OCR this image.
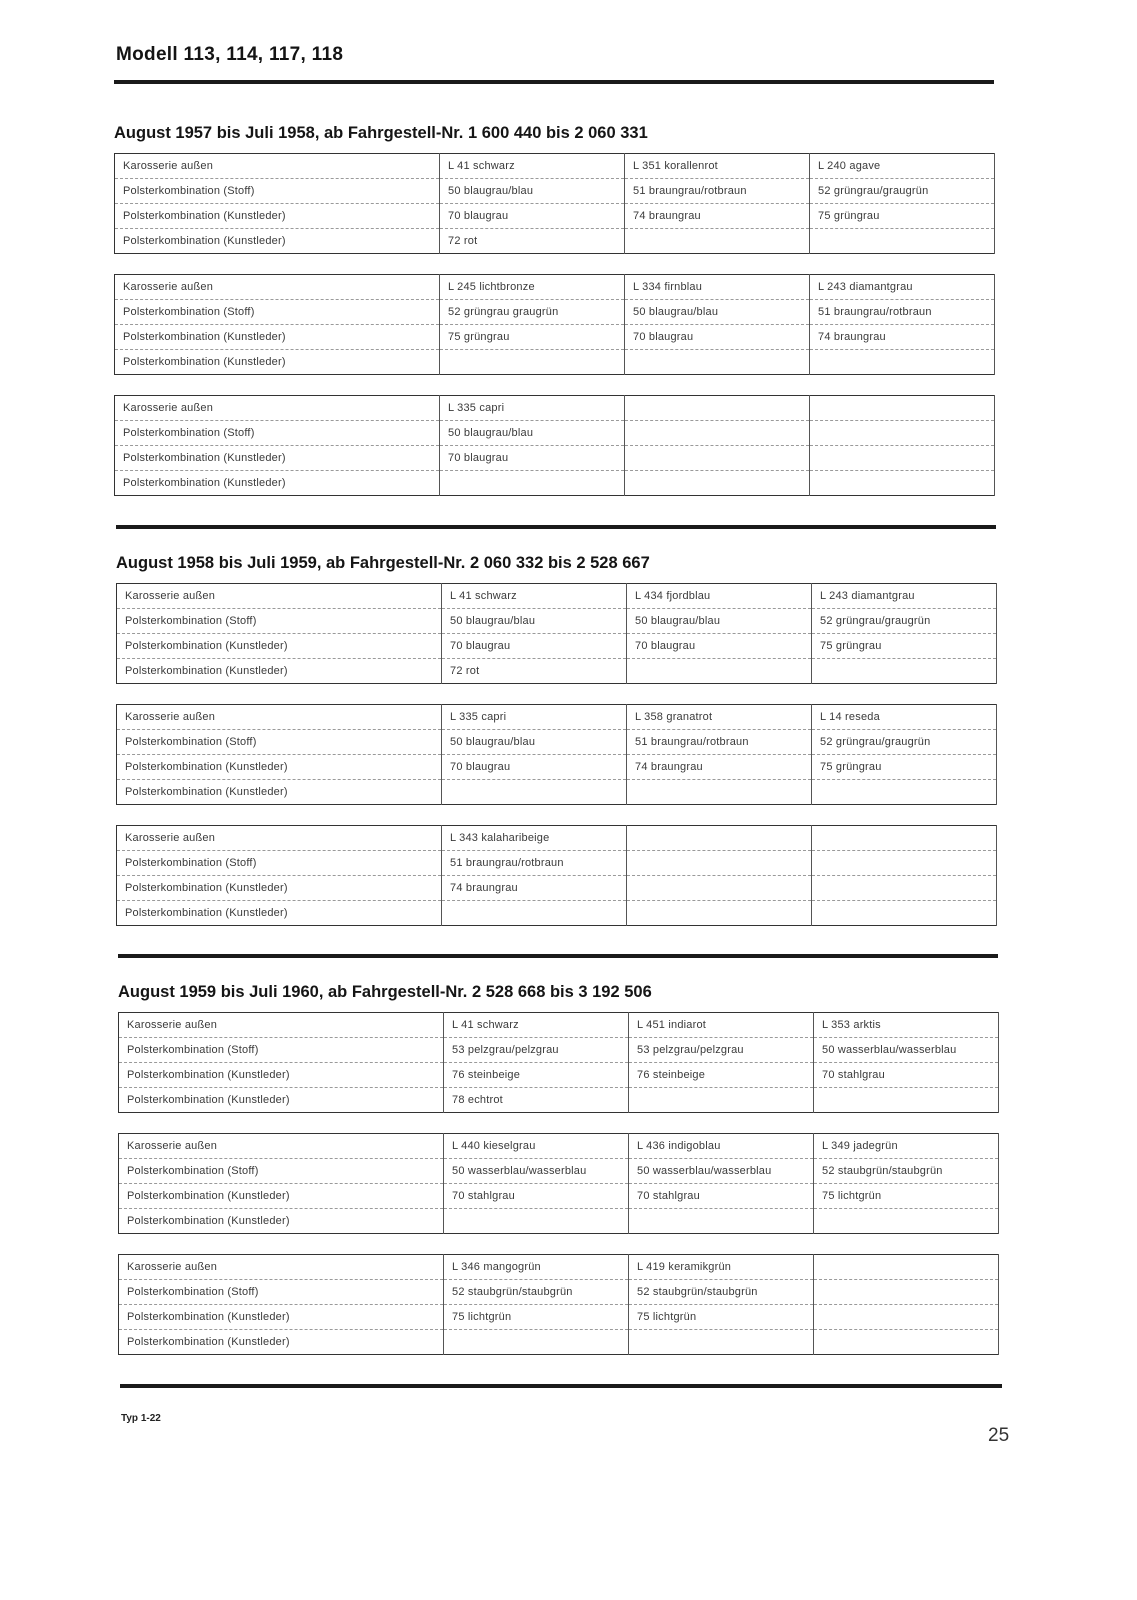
Modell 113, 114, 117, 118
August 1957 bis Juli 1958, ab Fahrgestell-Nr. 1 600 440 bis 2 060 331
Karosserie außen	L 41 schwarz	L 351 korallenrot	L 240 agave
Polsterkombination (Stoff)	50 blaugrau/blau	51 braungrau/rotbraun	52 grüngrau/graugrün
Polsterkombination (Kunstleder)	70 blaugrau	74 braungrau	75 grüngrau
Polsterkombination (Kunstleder)	72 rot		
Karosserie außen	L 245 lichtbronze	L 334 firnblau	L 243 diamantgrau
Polsterkombination (Stoff)	52 grüngrau graugrün	50 blaugrau/blau	51 braungrau/rotbraun
Polsterkombination (Kunstleder)	75 grüngrau	70 blaugrau	74 braungrau
Polsterkombination (Kunstleder)			
Karosserie außen	L 335 capri		
Polsterkombination (Stoff)	50 blaugrau/blau		
Polsterkombination (Kunstleder)	70 blaugrau		
Polsterkombination (Kunstleder)			
August 1958 bis Juli 1959, ab Fahrgestell-Nr. 2 060 332 bis 2 528 667
Karosserie außen	L 41 schwarz	L 434 fjordblau	L 243 diamantgrau
Polsterkombination (Stoff)	50 blaugrau/blau	50 blaugrau/blau	52 grüngrau/graugrün
Polsterkombination (Kunstleder)	70 blaugrau	70 blaugrau	75 grüngrau
Polsterkombination (Kunstleder)	72 rot		
Karosserie außen	L 335 capri	L 358 granatrot	L 14 reseda
Polsterkombination (Stoff)	50 blaugrau/blau	51 braungrau/rotbraun	52 grüngrau/graugrün
Polsterkombination (Kunstleder)	70 blaugrau	74 braungrau	75 grüngrau
Polsterkombination (Kunstleder)			
Karosserie außen	L 343 kalaharibeige		
Polsterkombination (Stoff)	51 braungrau/rotbraun		
Polsterkombination (Kunstleder)	74 braungrau		
Polsterkombination (Kunstleder)			
August 1959 bis Juli 1960, ab Fahrgestell-Nr. 2 528 668 bis 3 192 506
Karosserie außen	L 41 schwarz	L 451 indiarot	L 353 arktis
Polsterkombination (Stoff)	53 pelzgrau/pelzgrau	53 pelzgrau/pelzgrau	50 wasserblau/wasserblau
Polsterkombination (Kunstleder)	76 steinbeige	76 steinbeige	70 stahlgrau
Polsterkombination (Kunstleder)	78 echtrot		
Karosserie außen	L 440 kieselgrau	L 436 indigoblau	L 349 jadegrün
Polsterkombination (Stoff)	50 wasserblau/wasserblau	50 wasserblau/wasserblau	52 staubgrün/staubgrün
Polsterkombination (Kunstleder)	70 stahlgrau	70 stahlgrau	75 lichtgrün
Polsterkombination (Kunstleder)			
Karosserie außen	L 346 mangogrün	L 419 keramikgrün	
Polsterkombination (Stoff)	52 staubgrün/staubgrün	52 staubgrün/staubgrün	
Polsterkombination (Kunstleder)	75 lichtgrün	75 lichtgrün	
Polsterkombination (Kunstleder)			
Typ 1-22
25
